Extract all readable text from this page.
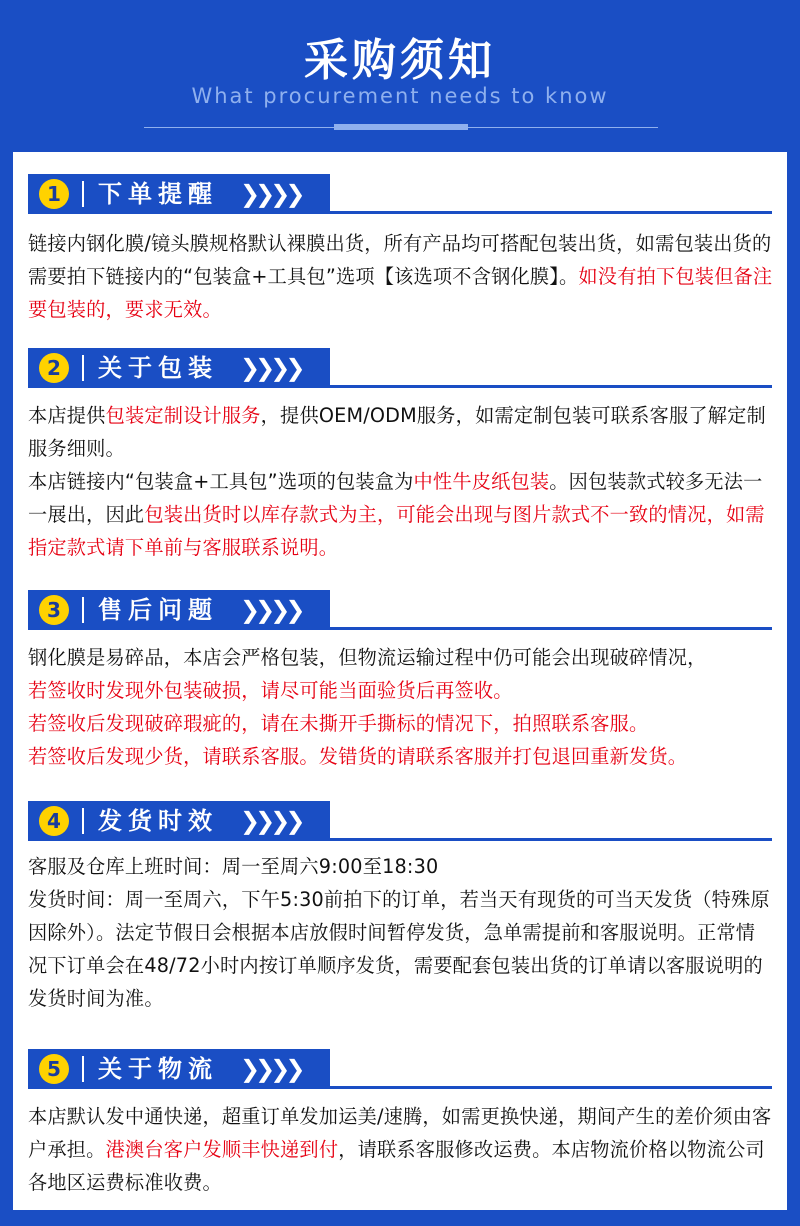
采购须知
What procurement needs to know
1	下单提醒 ❯❯❯❯
链接内钢化膜/镜头膜规格默认裸膜出货，所有产品均可搭配包装出货，如需包装出货的需要拍下链接内的“包装盒+工具包”选项【该选项不含钢化膜】。如没有拍下包装但备注要包装的，要求无效。
2	关于包装 ❯❯❯❯
本店提供包装定制设计服务，提供OEM/ODM服务，如需定制包装可联系客服了解定制服务细则。
本店链接内“包装盒+工具包”选项的包装盒为中性牛皮纸包装。因包装款式较多无法一一展出，因此包装出货时以库存款式为主，可能会出现与图片款式不一致的情况，如需指定款式请下单前与客服联系说明。
3	售后问题 ❯❯❯❯
钢化膜是易碎品，本店会严格包装，但物流运输过程中仍可能会出现破碎情况，
若签收时发现外包装破损，请尽可能当面验货后再签收。
若签收后发现破碎瑕疵的，请在未撕开手撕标的情况下，拍照联系客服。
若签收后发现少货，请联系客服。发错货的请联系客服并打包退回重新发货。
4	发货时效 ❯❯❯❯
客服及仓库上班时间：周一至周六9:00至18:30
发货时间：周一至周六，下午5:30前拍下的订单，若当天有现货的可当天发货（特殊原因除外）。法定节假日会根据本店放假时间暂停发货，急单需提前和客服说明。正常情况下订单会在48/72小时内按订单顺序发货，需要配套包装出货的订单请以客服说明的发货时间为准。
5	关于物流 ❯❯❯❯
本店默认发中通快递，超重订单发加运美/速腾，如需更换快递，期间产生的差价须由客户承担。港澳台客户发顺丰快递到付，请联系客服修改运费。本店物流价格以物流公司各地区运费标准收费。
